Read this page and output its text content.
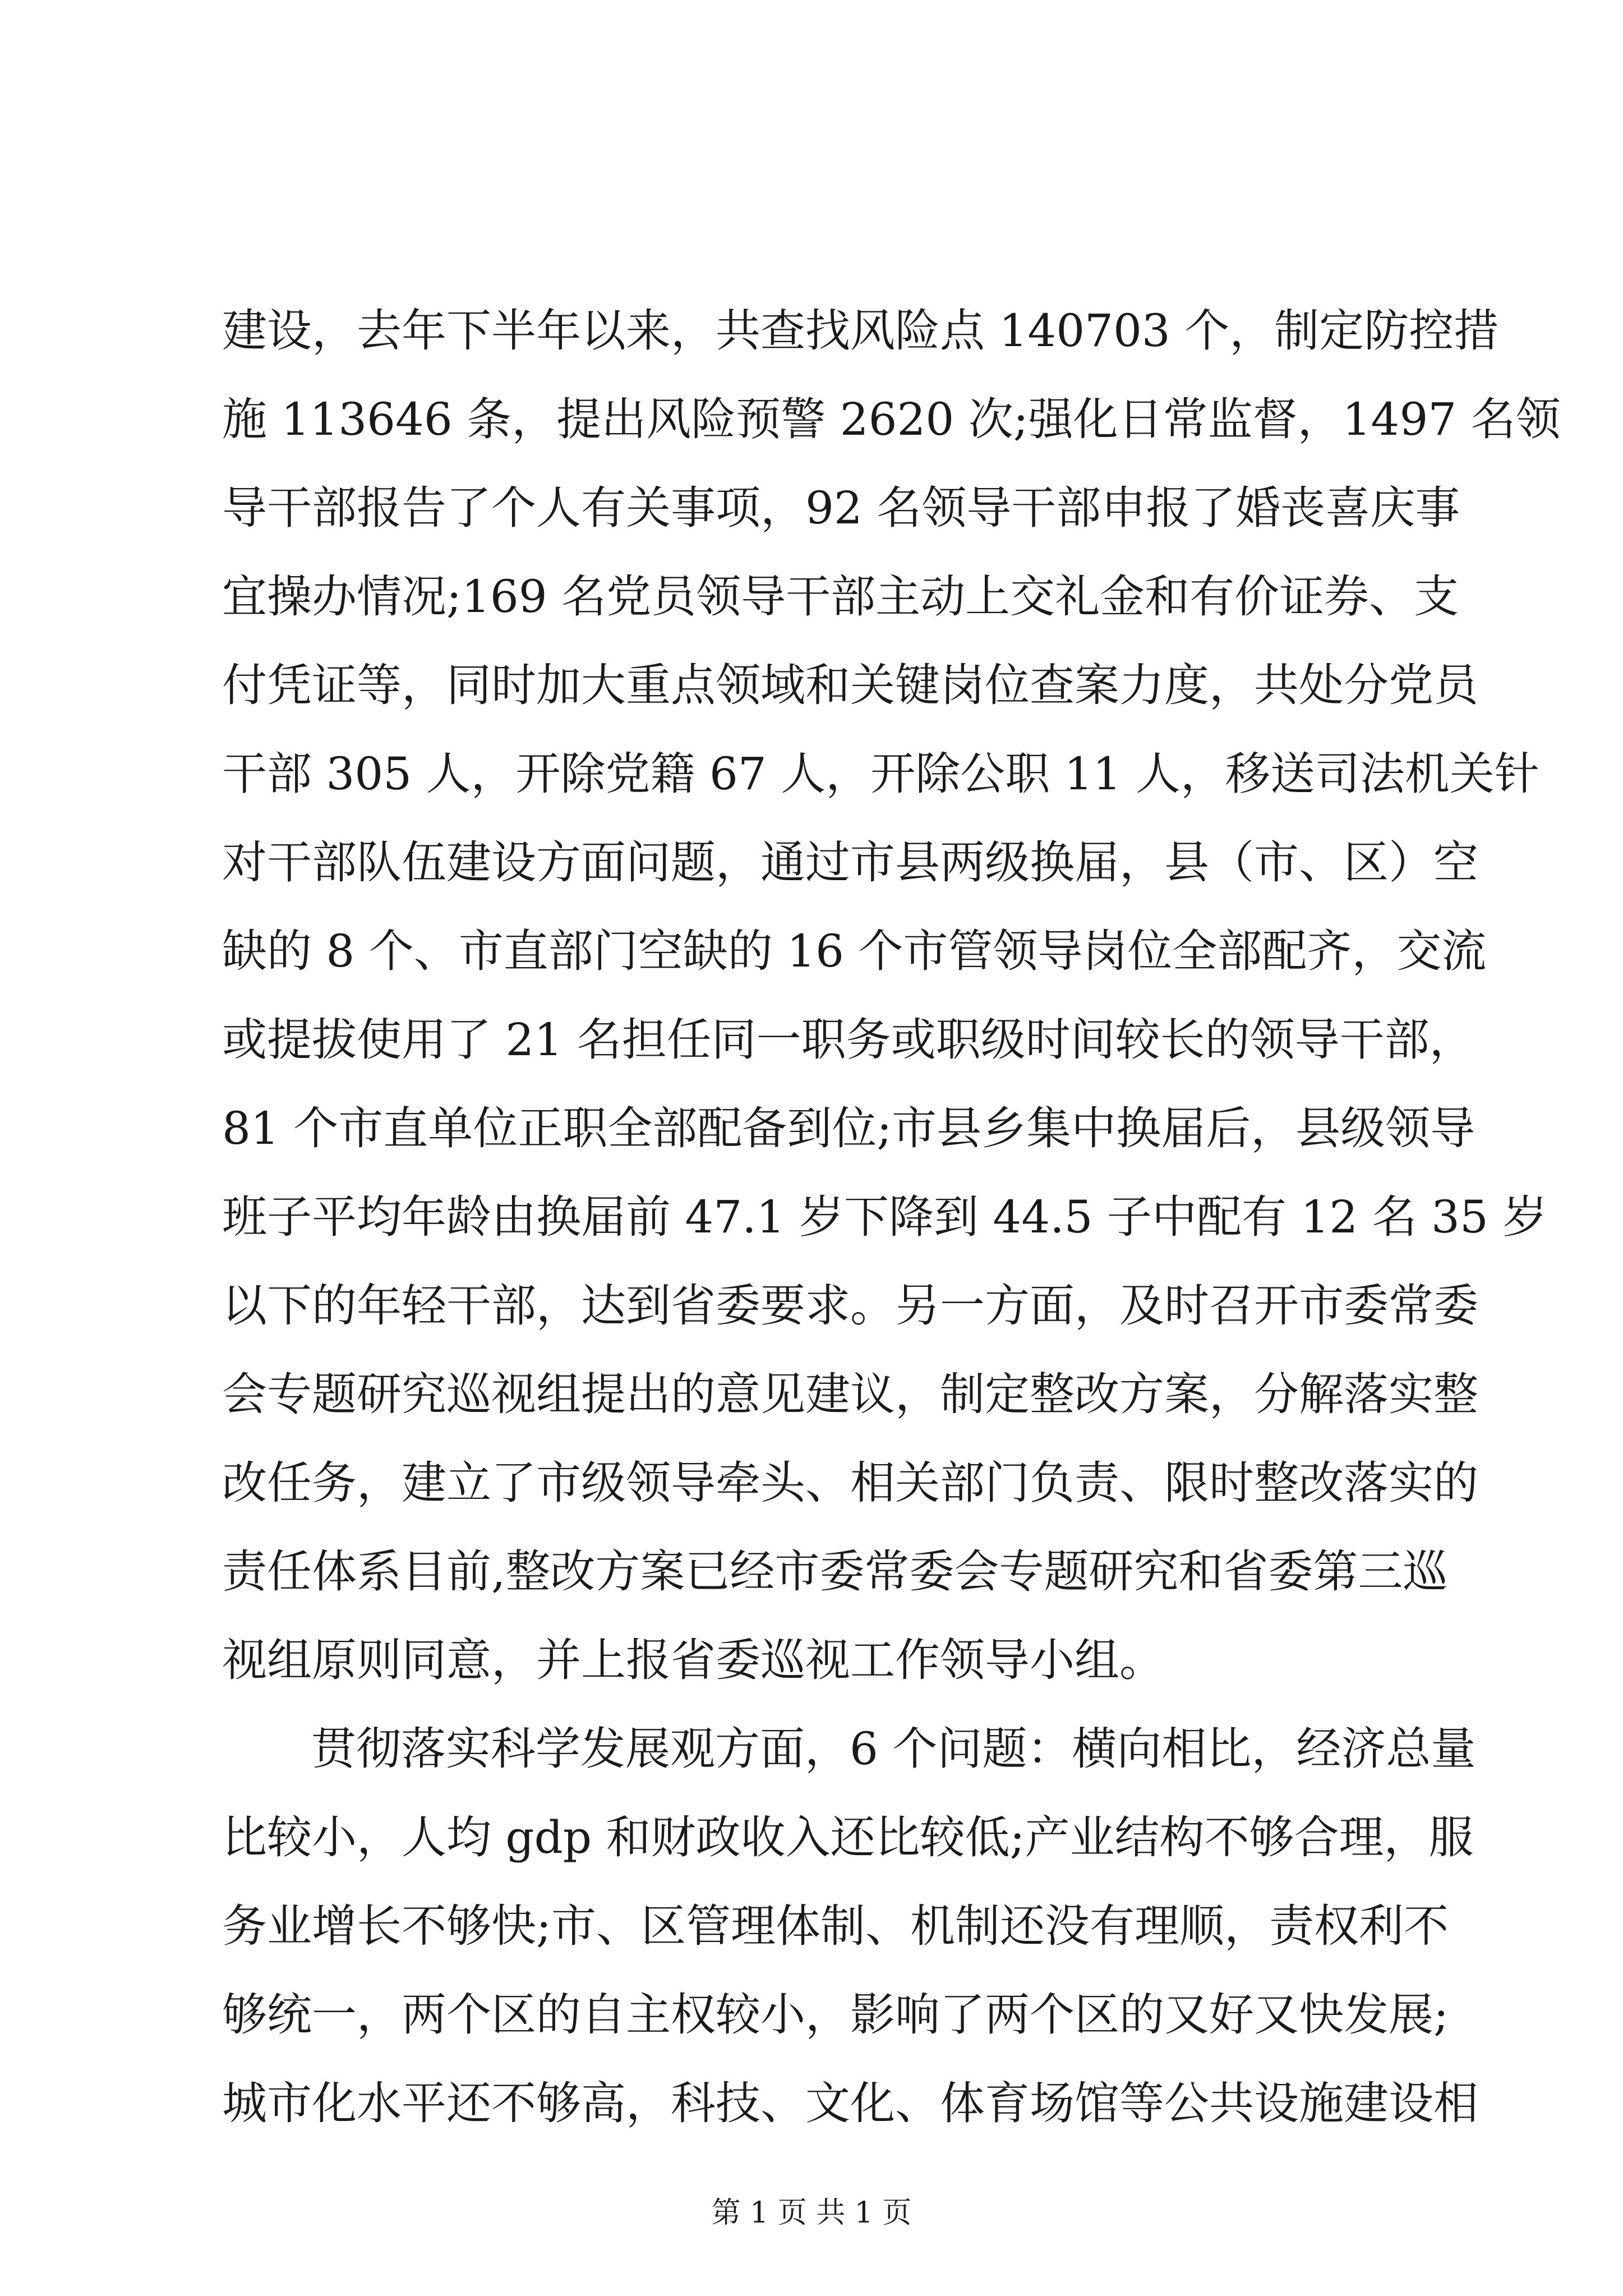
建设，去年下半年以来，共查找风险点 140703 个，制定防控措
施 113646 条，提出风险预警 2620 次;强化日常监督，1497 名领
导干部报告了个人有关事项，92 名领导干部申报了婚丧喜庆事
宜操办情况;169 名党员领导干部主动上交礼金和有价证券、支
付凭证等，同时加大重点领域和关键岗位查案力度，共处分党员
干部 305 人，开除党籍 67 人，开除公职 11 人，移送司法机关针
对干部队伍建设方面问题，通过市县两级换届，县（市、区）空
缺的 8 个、市直部门空缺的 16 个市管领导岗位全部配齐，交流
或提拔使用了 21 名担任同一职务或职级时间较长的领导干部，
81 个市直单位正职全部配备到位;市县乡集中换届后，县级领导
班子平均年龄由换届前 47.1 岁下降到 44.5 子中配有 12 名 35 岁
以下的年轻干部，达到省委要求。另一方面，及时召开市委常委
会专题研究巡视组提出的意见建议，制定整改方案，分解落实整
改任务，建立了市级领导牵头、相关部门负责、限时整改落实的
责任体系目前,整改方案已经市委常委会专题研究和省委第三巡
视组原则同意，并上报省委巡视工作领导小组。
贯彻落实科学发展观方面，6 个问题：横向相比，经济总量
比较小，人均 gdp 和财政收入还比较低;产业结构不够合理，服
务业增长不够快;市、区管理体制、机制还没有理顺，责权利不
够统一，两个区的自主权较小，影响了两个区的又好又快发展;
城市化水平还不够高，科技、文化、体育场馆等公共设施建设相
第 1 页 共 1 页
